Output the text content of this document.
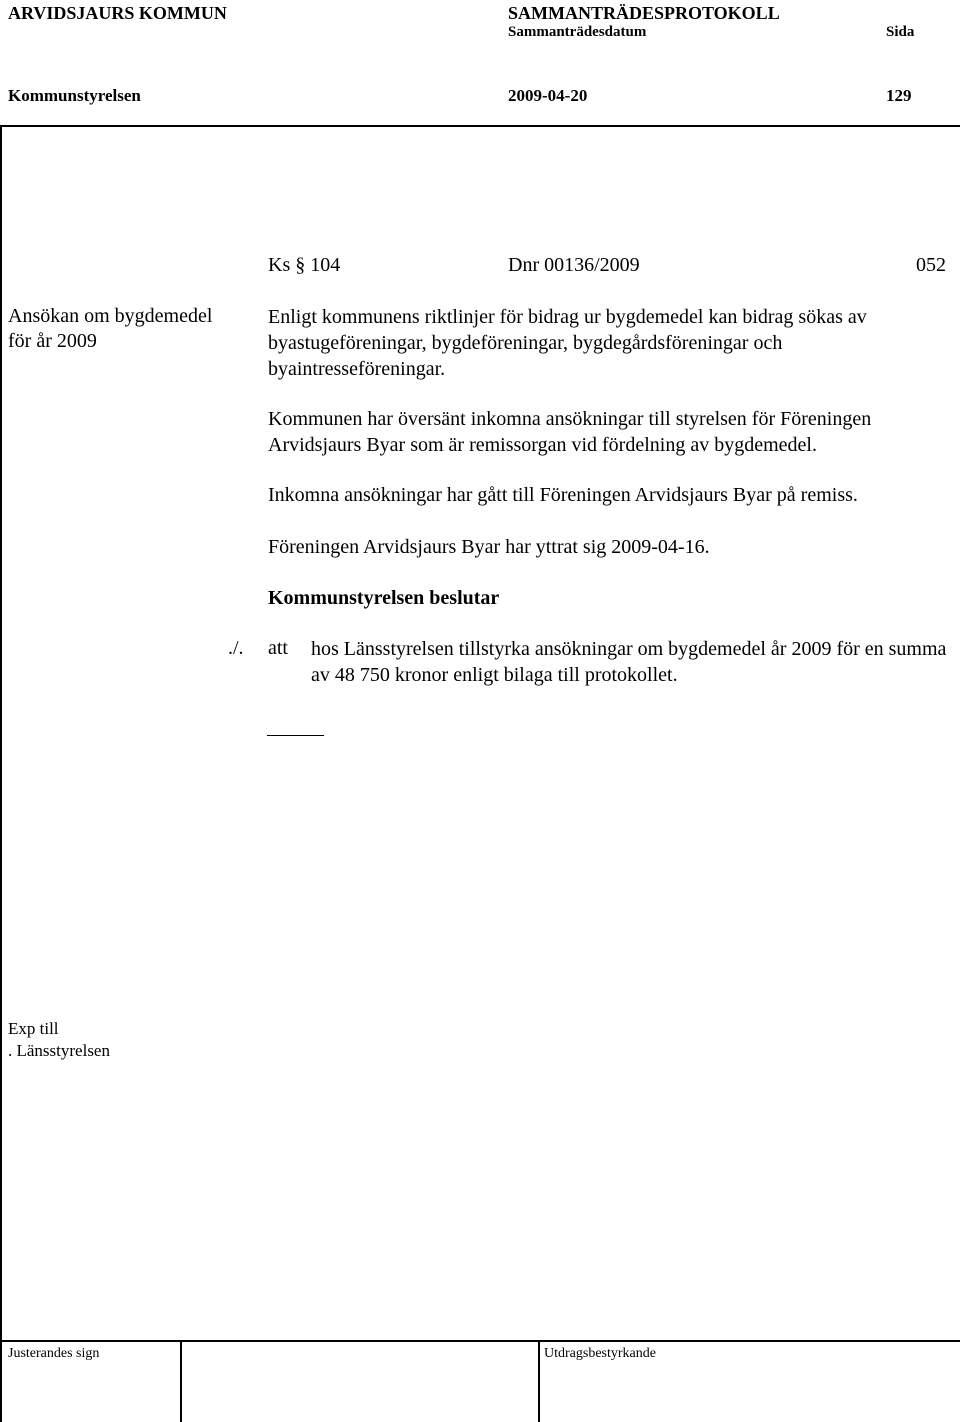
ARVIDSJAURS KOMMUN	SAMMANTRÄDESPROTOKOLL
Sammanträdesdatum	Sida
Kommunstyrelsen	2009-04-20	129
Ks § 104	Dnr 00136/2009	052
Ansökan om bygdemedel
för år 2009
Enligt kommunens riktlinjer för bidrag ur bygdemedel kan bidrag sökas av byastugeföreningar, bygdeföreningar, bygdegårdsföreningar och byaintresseföreningar.
Kommunen har översänt inkomna ansökningar till styrelsen för Föreningen Arvidsjaurs Byar som är remissorgan vid fördelning av bygdemedel.
Inkomna ansökningar har gått till Föreningen Arvidsjaurs Byar på remiss.
Föreningen Arvidsjaurs Byar har yttrat sig 2009-04-16.
Kommunstyrelsen beslutar
./. att hos Länsstyrelsen tillstyrka ansökningar om bygdemedel år 2009 för en summa av 48 750 kronor enligt bilaga till protokollet.
Exp till
. Länsstyrelsen
Justerandes sign	Utdragsbestyrkande
